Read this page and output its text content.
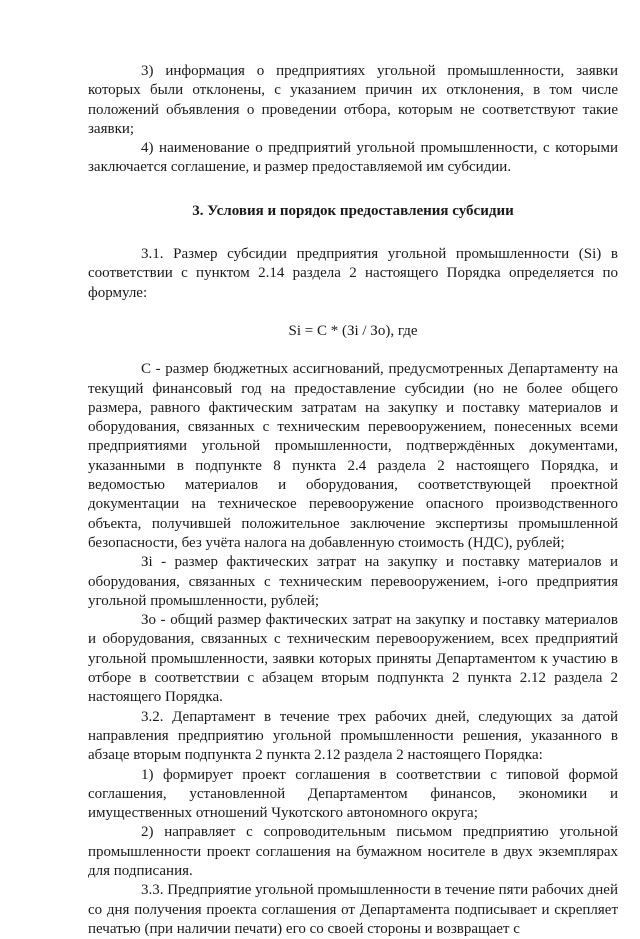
3) информация о предприятиях угольной промышленности, заявки которых были отклонены, с указанием причин их отклонения, в том числе положений объявления о проведении отбора, которым не соответствуют такие заявки;

4) наименование о предприятий угольной промышленности, с которыми заключается соглашение, и размер предоставляемой им субсидии.

3. Условия и порядок предоставления субсидии

3.1. Размер субсидии предприятия угольной промышленности (Si) в соответствии с пунктом 2.14 раздела 2 настоящего Порядка определяется по формуле:

Si = С * (Зi / Зо), где

С - размер бюджетных ассигнований, предусмотренных Департаменту на текущий финансовый год на предоставление субсидии (но не более общего размера, равного фактическим затратам на закупку и поставку материалов и оборудования, связанных с техническим перевооружением, понесенных всеми предприятиями угольной промышленности, подтверждённых документами, указанными в подпункте 8 пункта 2.4 раздела 2 настоящего Порядка, и ведомостью материалов и оборудования, соответствующей проектной документации на техническое перевооружение опасного производственного объекта, получившей положительное заключение экспертизы промышленной безопасности, без учёта налога на добавленную стоимость (НДС), рублей;

Зi - размер фактических затрат на закупку и поставку материалов и оборудования, связанных с техническим перевооружением, i-ого предприятия угольной промышленности, рублей;

Зо - общий размер фактических затрат на закупку и поставку материалов и оборудования, связанных с техническим перевооружением, всех предприятий угольной промышленности, заявки которых приняты Департаментом к участию в отборе в соответствии с абзацем вторым подпункта 2 пункта 2.12 раздела 2 настоящего Порядка.

3.2. Департамент в течение трех рабочих дней, следующих за датой направления предприятию угольной промышленности решения, указанного в абзаце вторым подпункта 2 пункта 2.12 раздела 2 настоящего Порядка:

1) формирует проект соглашения в соответствии с типовой формой соглашения, установленной Департаментом финансов, экономики и имущественных отношений Чукотского автономного округа;

2) направляет с сопроводительным письмом предприятию угольной промышленности проект соглашения на бумажном носителе в двух экземплярах для подписания.

3.3. Предприятие угольной промышленности в течение пяти рабочих дней со дня получения проекта соглашения от Департамента подписывает и скрепляет печатью (при наличии печати) его со своей стороны и возвращает с
